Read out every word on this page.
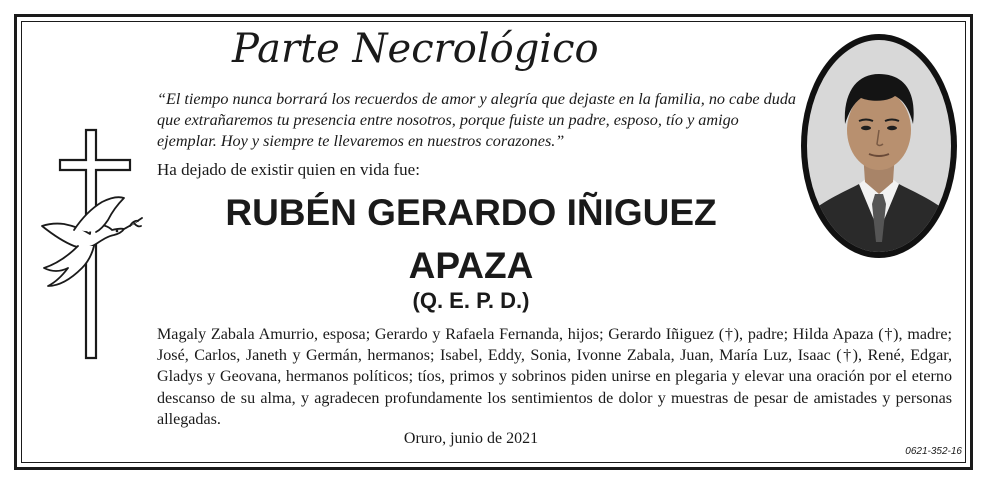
Parte Necrológico
“El tiempo nunca borrará los recuerdos de amor y alegría que dejaste en la familia, no cabe duda que extrañaremos tu presencia entre nosotros, porque fuiste un padre, esposo, tío y amigo ejemplar. Hoy y siempre te llevaremos en nuestros corazones.”
Ha dejado de existir quien en vida fue:
RUBÉN GERARDO IÑIGUEZ
APAZA
(Q. E. P. D.)
Magaly Zabala Amurrio, esposa; Gerardo y Rafaela Fernanda, hijos; Gerardo Iñiguez (†), padre; Hilda Apaza (†), madre; José, Carlos, Janeth y Germán, hermanos; Isabel, Eddy, Sonia, Ivonne Zabala, Juan, María Luz, Isaac (†), René, Edgar, Gladys y Geovana, hermanos políticos; tíos, primos y sobrinos piden unirse en plegaria y elevar una oración por el eterno descanso de su alma, y agradecen profundamente los sentimientos de dolor y muestras de pesar de amistades y personas allegadas.
Oruro, junio de 2021
0621-352-16
